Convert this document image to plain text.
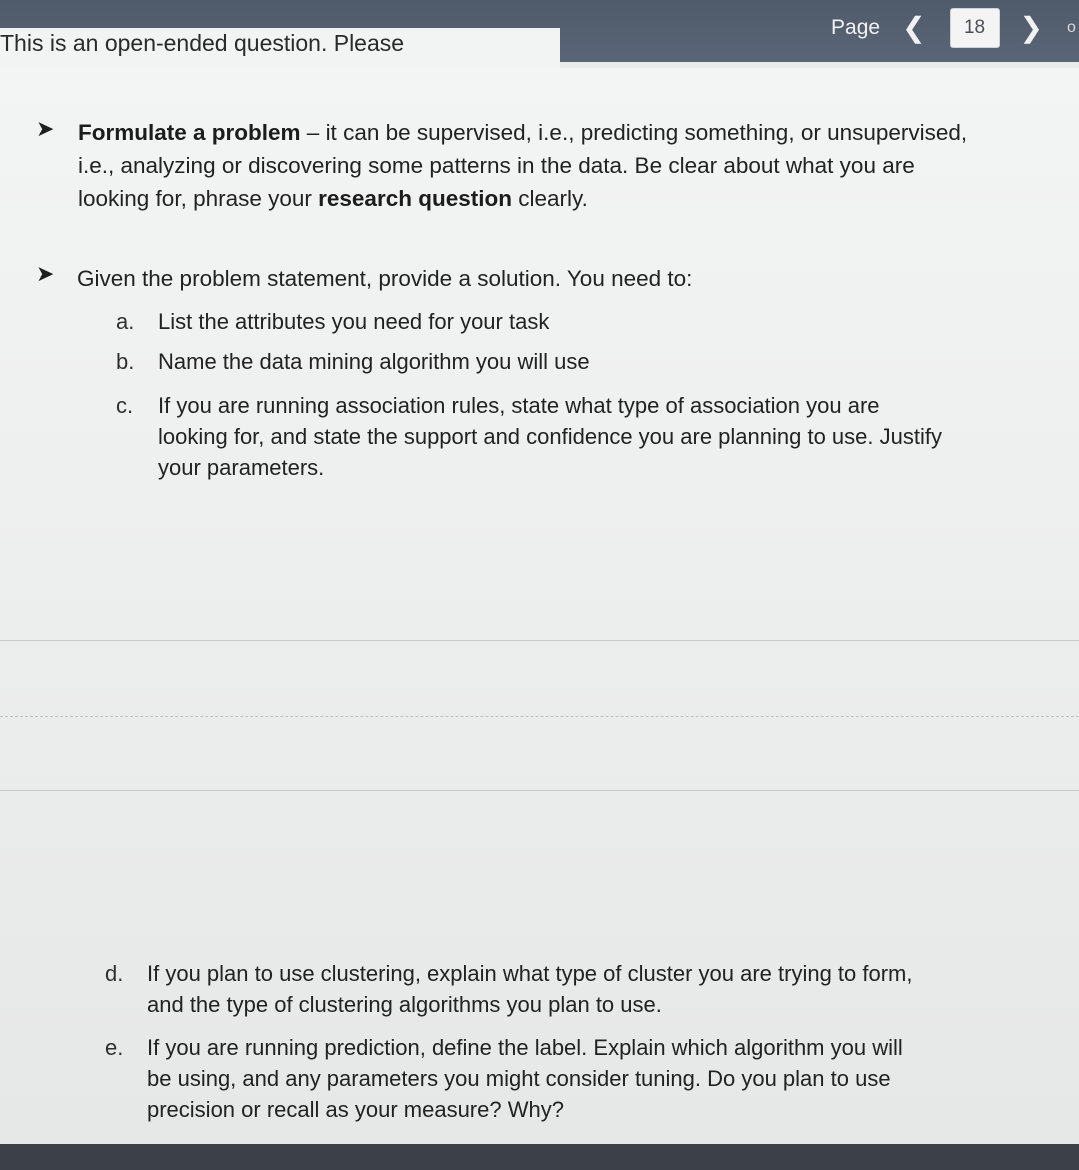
Page ❮	18	❯ o
This is an open-ended question. Please
➤ Formulate a problem – it can be supervised, i.e., predicting something, or unsupervised,
i.e., analyzing or discovering some patterns in the data. Be clear about what you are
looking for, phrase your research question clearly.
➤ Given the problem statement, provide a solution. You need to:
a.	List the attributes you need for your task
b.	Name the data mining algorithm you will use
c.	If you are running association rules, state what type of association you are
looking for, and state the support and confidence you are planning to use. Justify
your parameters.
d.	If you plan to use clustering, explain what type of cluster you are trying to form,
and the type of clustering algorithms you plan to use.
e.	If you are running prediction, define the label. Explain which algorithm you will
be using, and any parameters you might consider tuning. Do you plan to use
precision or recall as your measure? Why?
